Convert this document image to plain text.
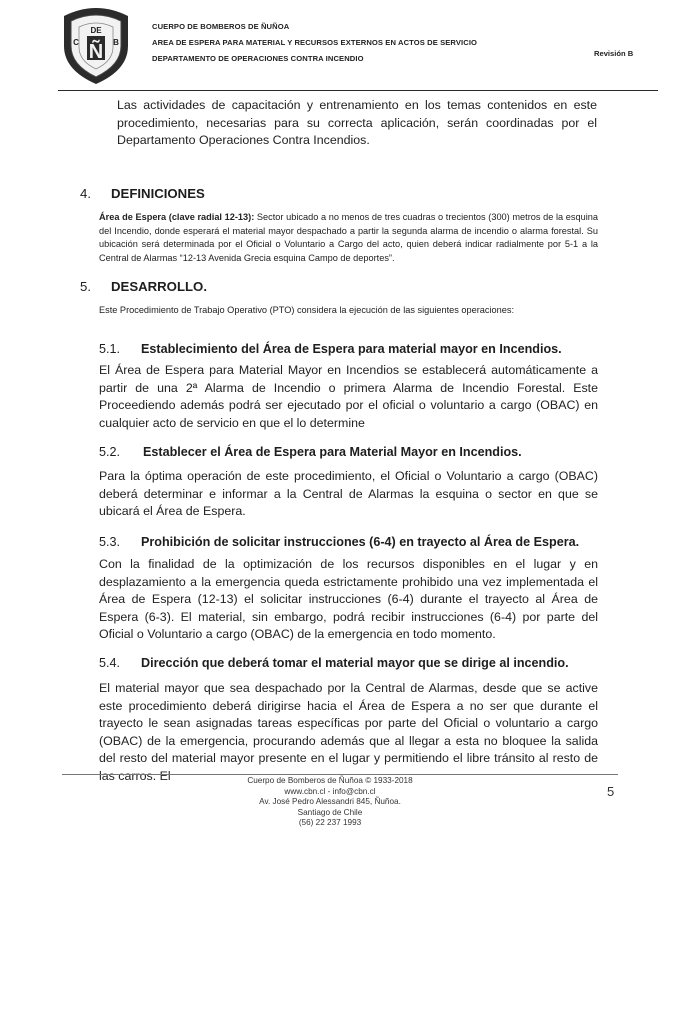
DE
C	B
Ñ
CUERPO DE BOMBEROS DE ÑUÑOA
AREA DE ESPERA PARA MATERIAL Y RECURSOS EXTERNOS EN ACTOS DE SERVICIO
DEPARTAMENTO DE OPERACIONES CONTRA INCENDIO
Revisión B
Las actividades de capacitación y entrenamiento en los temas contenidos en este procedimiento, necesarias para su correcta aplicación, serán coordinadas por el Departamento Operaciones Contra Incendios.
4. DEFINICIONES
Área de Espera (clave radial 12-13): Sector ubicado a no menos de tres cuadras o trecientos (300) metros de la esquina del Incendio, donde esperará el material mayor despachado a partir la segunda alarma de incendio o alarma forestal. Su ubicación será determinada por el Oficial o Voluntario a Cargo del acto, quien deberá indicar radialmente por 5-1 a la Central de Alarmas “12-13 Avenida Grecia esquina Campo de deportes”.
5. DESARROLLO.
Este Procedimiento de Trabajo Operativo (PTO) considera la ejecución de las siguientes operaciones:
5.1. Establecimiento del Área de Espera para material mayor en Incendios.
El Área de Espera para Material Mayor en Incendios se establecerá automáticamente a partir de una 2ª Alarma de Incendio o primera Alarma de Incendio Forestal. Este Proceediendo además podrá ser ejecutado por el oficial o voluntario a cargo (OBAC) en cualquier acto de servicio en que el lo determine
5.2. Establecer el Área de Espera para Material Mayor en Incendios.
Para la óptima operación de este procedimiento, el Oficial o Voluntario a cargo (OBAC) deberá determinar e informar a la Central de Alarmas la esquina o sector en que se ubicará el Área de Espera.
5.3. Prohibición de solicitar instrucciones (6-4) en trayecto al Área de Espera.
Con la finalidad de la optimización de los recursos disponibles en el lugar y en desplazamiento a la emergencia queda estrictamente prohibido una vez implementada el Área de Espera (12-13) el solicitar instrucciones (6-4) durante el trayecto al Área de Espera (6-3). El material, sin embargo, podrá recibir instrucciones (6-4) por parte del Oficial o Voluntario a cargo (OBAC) de la emergencia en todo momento.
5.4. Dirección que deberá tomar el material mayor que se dirige al incendio.
El material mayor que sea despachado por la Central de Alarmas, desde que se active este procedimiento deberá dirigirse hacia el Área de Espera a no ser que durante el trayecto le sean asignadas tareas específicas por parte del Oficial o voluntario a cargo (OBAC) de la emergencia, procurando además que al llegar a esta no bloquee la salida del resto del material mayor presente en el lugar y permitiendo el libre tránsito al resto de las carros. El	Cuerpo de Bomberos de Ñuñoa © 1933-2018
www.cbn.cl - info@cbn.cl
Av. José Pedro Alessandri 845, Ñuñoa.
Santiago de Chile
(56) 22 237 1993
5
